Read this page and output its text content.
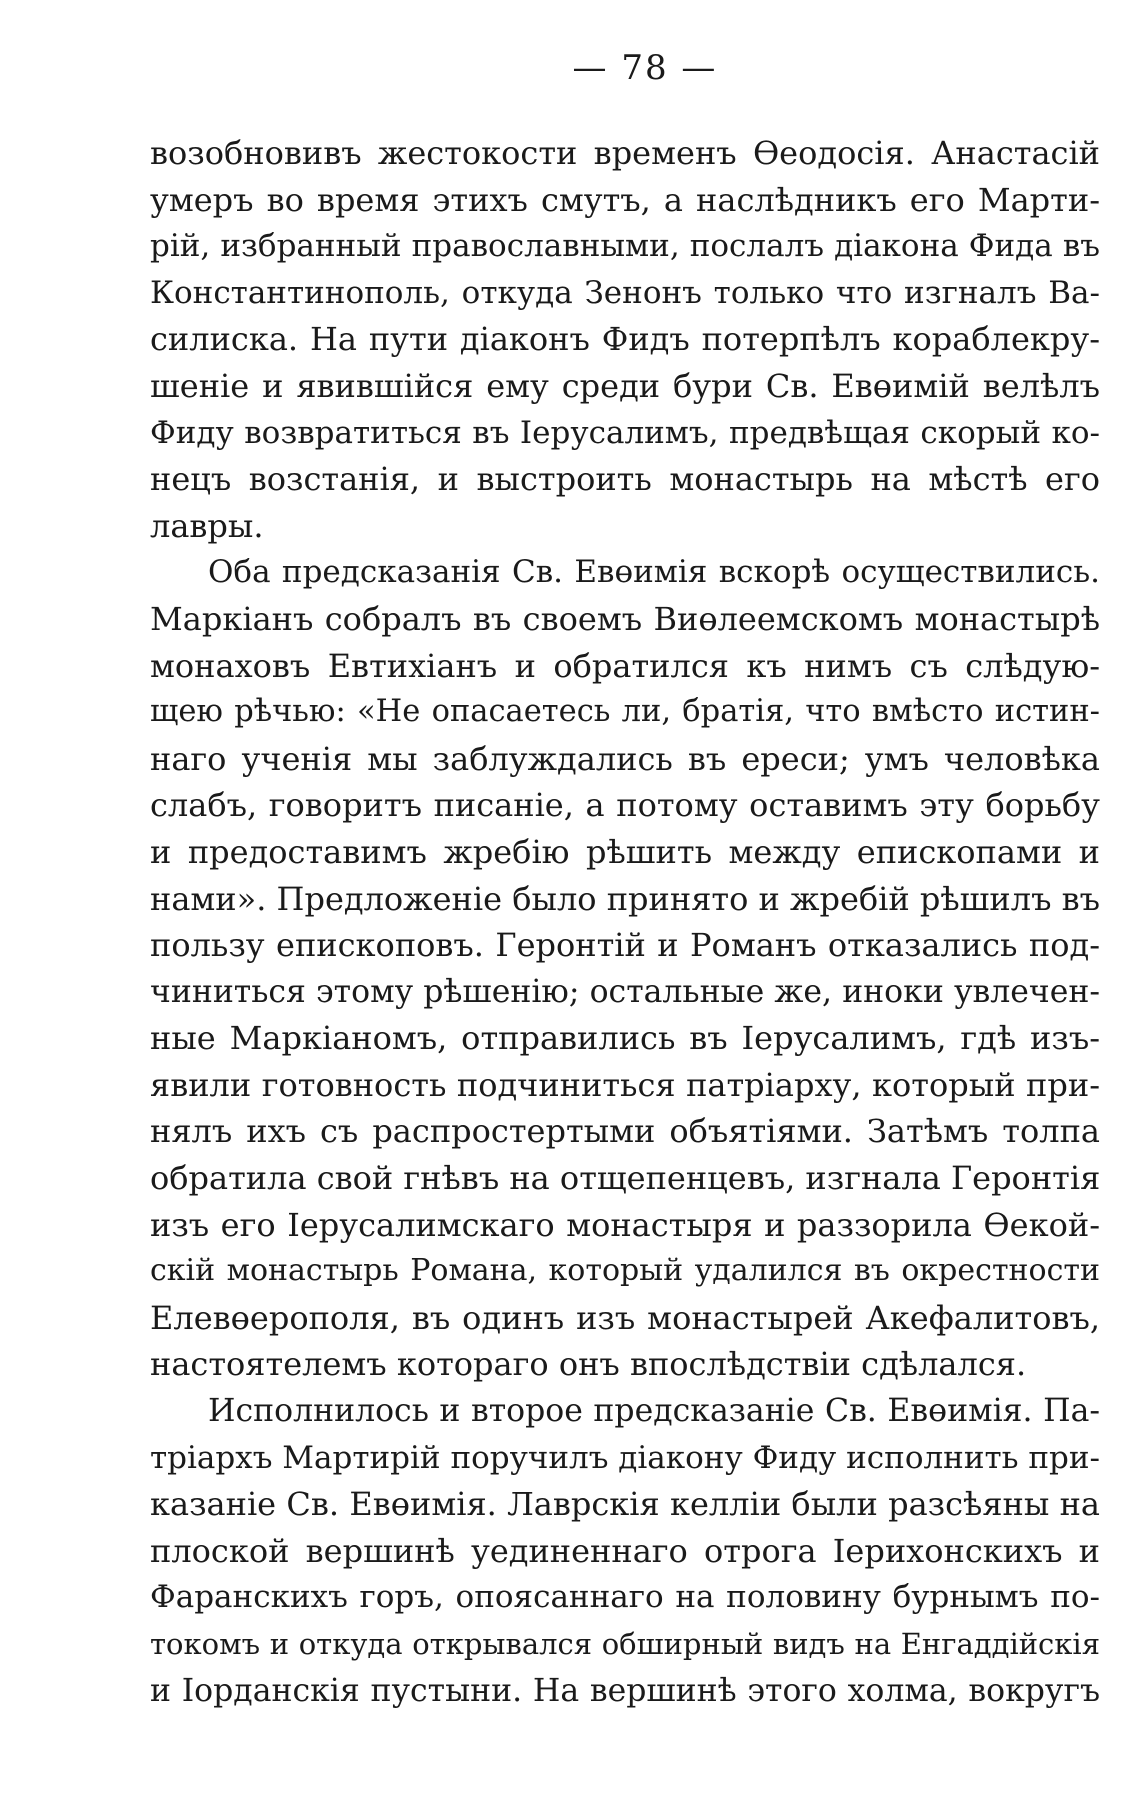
— 78 —
возобновивъ жестокости временъ Өеодосія. Анастасій
умеръ во время этихъ смутъ, а наслѣдникъ его Марти-
рій, избранный православными, послалъ діакона Фида въ
Константинополь, откуда Зенонъ только что изгналъ Ва-
силиска. На пути діаконъ Фидъ потерпѣлъ кораблекру-
шеніе и явившійся ему среди бури Св. Евөимій велѣлъ
Фиду возвратиться въ Іерусалимъ, предвѣщая скорый ко-
нецъ возстанія, и выстроить монастырь на мѣстѣ его
лавры.
Оба предсказанія Св. Евөимія вскорѣ осуществились.
Маркіанъ собралъ въ своемъ Виөлеемскомъ монастырѣ
монаховъ Евтихіанъ и обратился къ нимъ съ слѣдую-
щею рѣчью: «Не опасаетесь ли, братія, что вмѣсто истин-
наго ученія мы заблуждались въ ереси; умъ человѣка
слабъ, говоритъ писаніе, а потому оставимъ эту борьбу
и предоставимъ жребію рѣшить между епископами и
нами». Предложеніе было принято и жребій рѣшилъ въ
пользу епископовъ. Геронтій и Романъ отказались под-
чиниться этому рѣшенію; остальные же, иноки увлечен-
ные Маркіаномъ, отправились въ Іерусалимъ, гдѣ изъ-
явили готовность подчиниться патріарху, который при-
нялъ ихъ съ распростертыми объятіями. Затѣмъ толпа
обратила свой гнѣвъ на отщепенцевъ, изгнала Геронтія
изъ его Іерусалимскаго монастыря и раззорила Өекой-
скій монастырь Романа, который удалился въ окрестности
Елевөерополя, въ одинъ изъ монастырей Акефалитовъ,
настоятелемъ котораго онъ впослѣдствіи сдѣлался.
Исполнилось и второе предсказаніе Св. Евөимія. Па-
тріархъ Мартирій поручилъ діакону Фиду исполнить при-
казаніе Св. Евөимія. Лаврскія келліи были разсѣяны на
плоской вершинѣ уединеннаго отрога Іерихонскихъ и
Фаранскихъ горъ, опоясаннаго на половину бурнымъ по-
токомъ и откуда открывался обширный видъ на Енгаддійскія
и Іорданскія пустыни. На вершинѣ этого холма, вокругъ
